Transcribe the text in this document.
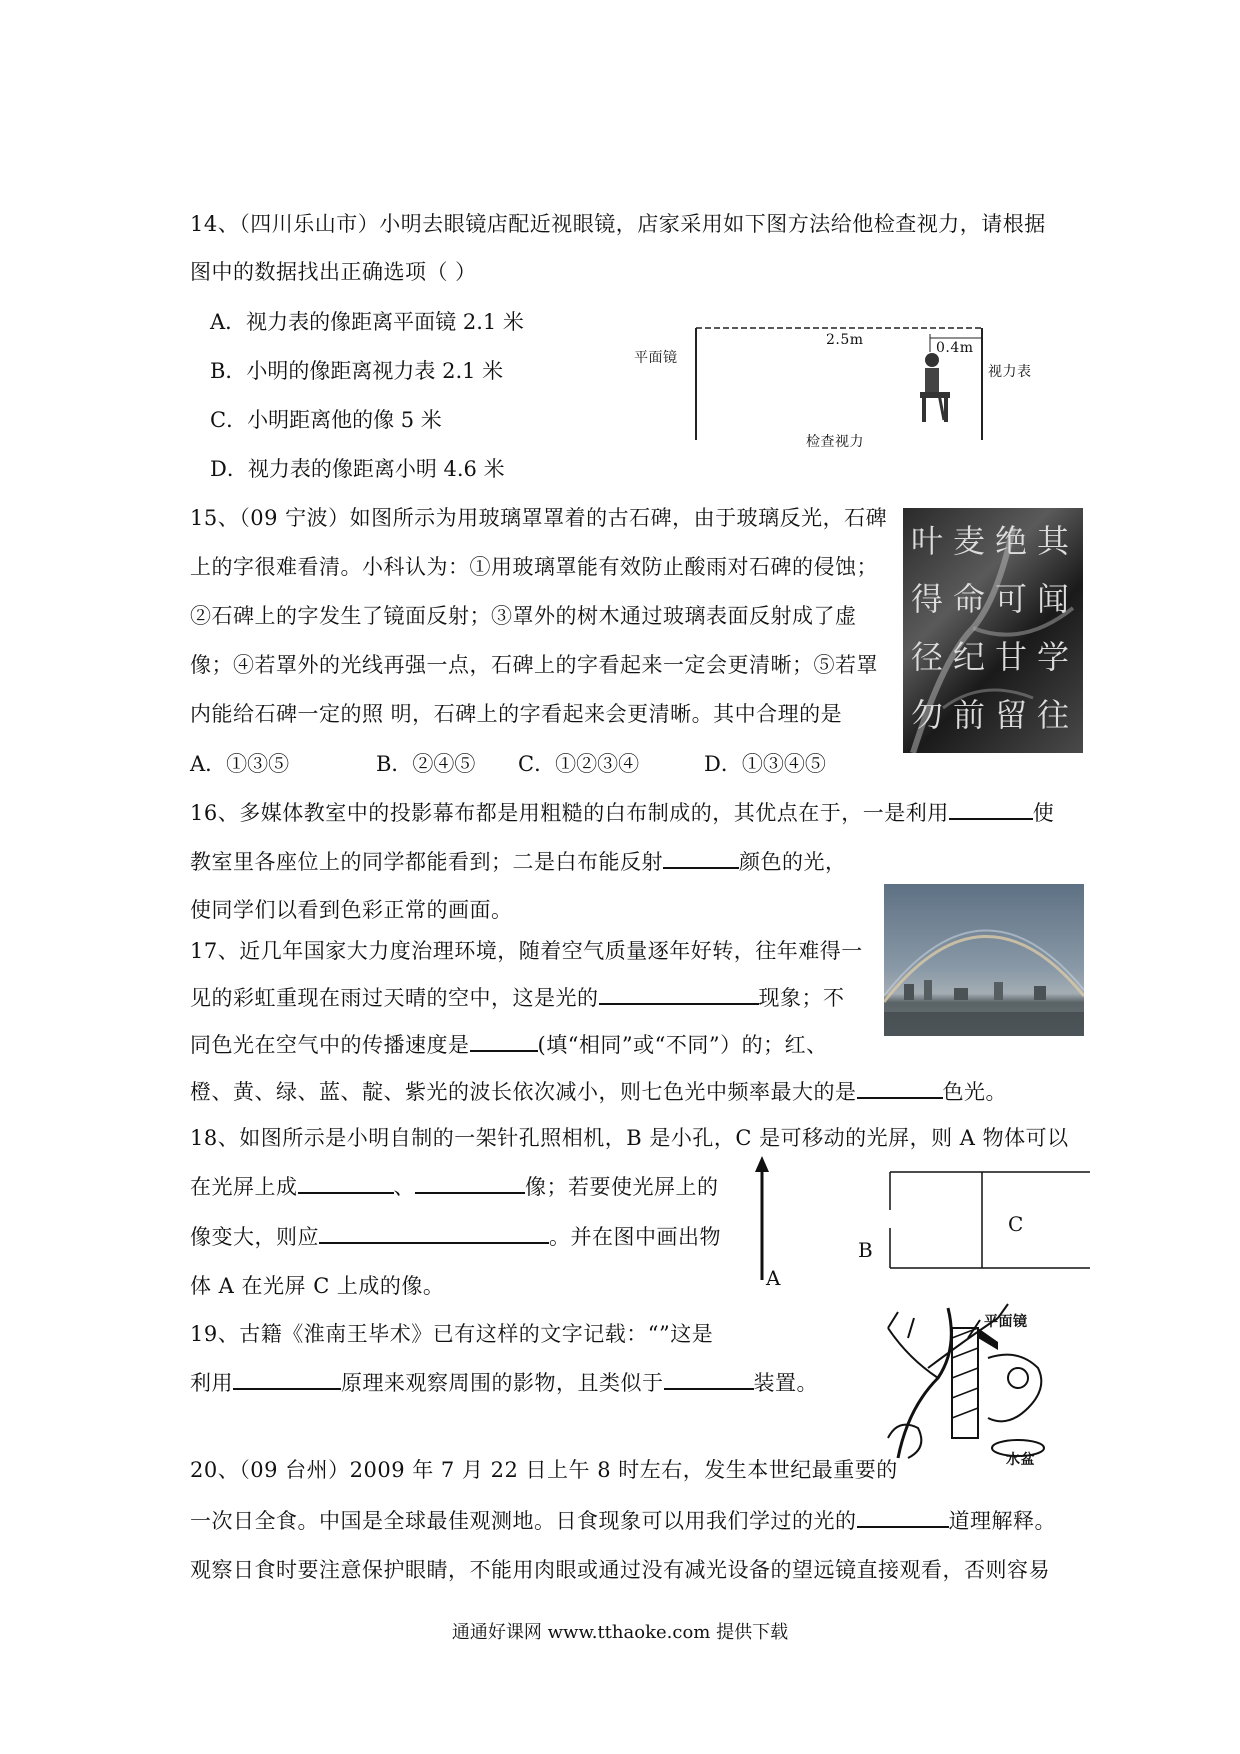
14、（四川乐山市）小明去眼镜店配近视眼镜，店家采用如下图方法给他检查视力，请根据
图中的数据找出正确选项（ ）
A．视力表的像距离平面镜 2.1 米
B．小明的像距离视力表 2.1 米
C．小明距离他的像 5 米
D．视力表的像距离小明 4.6 米
平面镜
2.5m	0.4m
视力表
检查视力
15、（09 宁波）如图所示为用玻璃罩罩着的古石碑，由于玻璃反光，石碑
上的字很难看清。小科认为：①用玻璃罩能有效防止酸雨对石碑的侵蚀；
②石碑上的字发生了镜面反射；③罩外的树木通过玻璃表面反射成了虚
像；④若罩外的光线再强一点，石碑上的字看起来一定会更清晰；⑤若罩
内能给石碑一定的照 明，石碑上的字看起来会更清晰。其中合理的是
A．①③⑤	B．②④⑤ C．①②③④	D．①③④⑤
叶 麦 绝 其
得 命 可 闻
径 纪 甘 学
勿 前 留 往
16、多媒体教室中的投影幕布都是用粗糙的白布制成的，其优点在于，一是利用	使
教室里各座位上的同学都能看到；二是白布能反射	颜色的光，
使同学们以看到色彩正常的画面。
17、近几年国家大力度治理环境，随着空气质量逐年好转，往年难得一
见的彩虹重现在雨过天晴的空中，这是光的	现象；不
同色光在空气中的传播速度是	(填“相同”或“不同”）的；红、
橙、黄、绿、蓝、靛、紫光的波长依次减小，则七色光中频率最大的是	色光。
18、如图所示是小明自制的一架针孔照相机，B 是小孔，C 是可移动的光屏，则 A 物体可以
在光屏上成	、	像；若要使光屏上的
像变大，则应	。并在图中画出物
体 A 在光屏 C 上成的像。	A
B
C
19、古籍《淮南王毕术》已有这样的文字记载：“”这是
利用	原理来观察周围的影物，且类似于	装置。
平面镜
水盆
20、（09 台州）2009 年 7 月 22 日上午 8 时左右，发生本世纪最重要的
一次日全食。中国是全球最佳观测地。日食现象可以用我们学过的光的	道理解释。
观察日食时要注意保护眼睛，不能用肉眼或通过没有减光设备的望远镜直接观看，否则容易
通通好课网 www.tthaoke.com 提供下载
